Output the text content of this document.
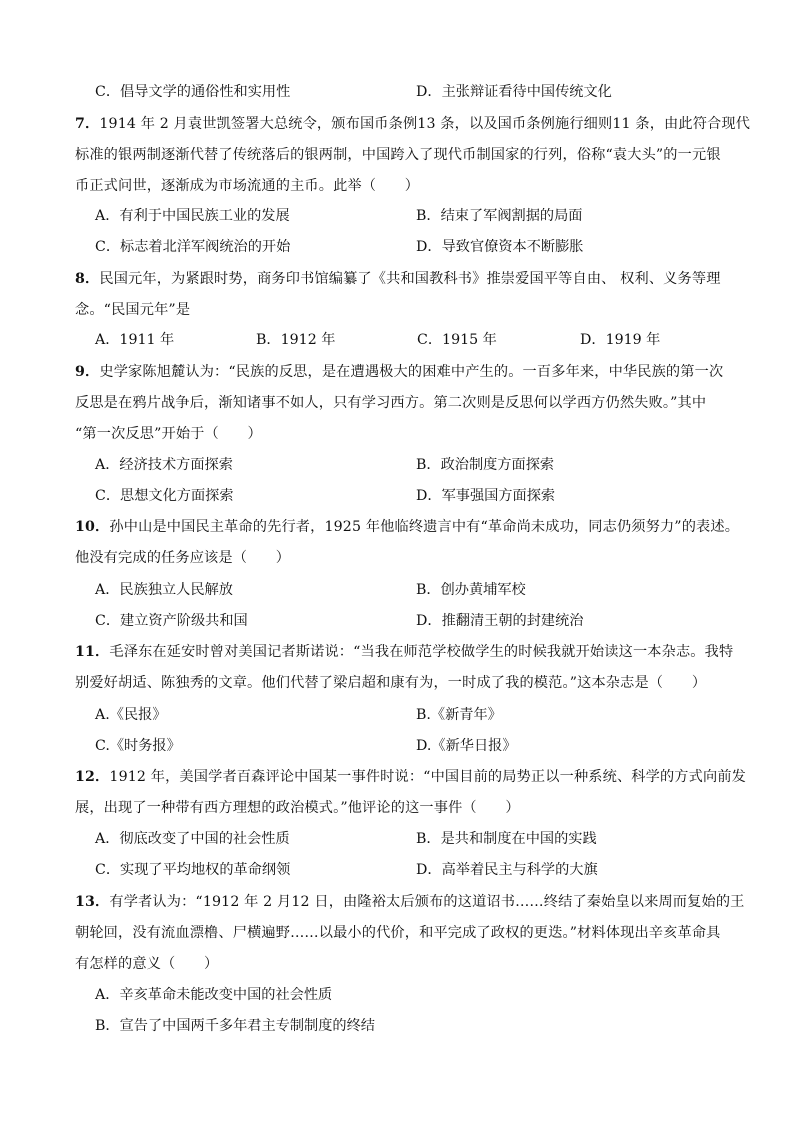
C．倡导文学的通俗性和实用性	D．主张辩证看待中国传统文化
7．1914 年 2 月袁世凯签署大总统令，颁布国币条例13 条，以及国币条例施行细则11 条，由此符合现代
标准的银两制逐渐代替了传统落后的银两制，中国跨入了现代币制国家的行列，俗称“袁大头”的一元银
币正式问世，逐渐成为市场流通的主币。此举（　　）
A．有利于中国民族工业的发展	B．结束了军阀割据的局面
C．标志着北洋军阀统治的开始	D．导致官僚资本不断膨胀
8．民国元年，为紧跟时势，商务印书馆编纂了《共和国教科书》推崇爱国平等自由、 权利、义务等理
念。“民国元年”是
A．1911 年	B．1912 年	C．1915 年	D．1919 年
9．史学家陈旭麓认为：“民族的反思，是在遭遇极大的困难中产生的。一百多年来，中华民族的第一次
反思是在鸦片战争后，渐知诸事不如人，只有学习西方。第二次则是反思何以学西方仍然失败。”其中
“第一次反思”开始于（　　）
A．经济技术方面探索	B．政治制度方面探索
C．思想文化方面探索	D．军事强国方面探索
10．孙中山是中国民主革命的先行者，1925 年他临终遗言中有“革命尚未成功，同志仍须努力”的表述。
他没有完成的任务应该是（　　）
A．民族独立人民解放	B．创办黄埔军校
C．建立资产阶级共和国	D．推翻清王朝的封建统治
11．毛泽东在延安时曾对美国记者斯诺说：“当我在师范学校做学生的时候我就开始读这一本杂志。我特
别爱好胡适、陈独秀的文章。他们代替了梁启超和康有为，一时成了我的模范。”这本杂志是（　　）
A.《民报》	B.《新青年》
C.《时务报》	D.《新华日报》
12．1912 年，美国学者百森评论中国某一事件时说：“中国目前的局势正以一种系统、科学的方式向前发
展，出现了一种带有西方理想的政治模式。”他评论的这一事件（　　）
A．彻底改变了中国的社会性质	B．是共和制度在中国的实践
C．实现了平均地权的革命纲领	D．高举着民主与科学的大旗
13．有学者认为：“1912 年 2 月12 日，由隆裕太后颁布的这道诏书……终结了秦始皇以来周而复始的王
朝轮回，没有流血漂橹、尸横遍野……以最小的代价，和平完成了政权的更迭。”材料体现出辛亥革命具
有怎样的意义（　　）
A．辛亥革命未能改变中国的社会性质
B．宣告了中国两千多年君主专制制度的终结
